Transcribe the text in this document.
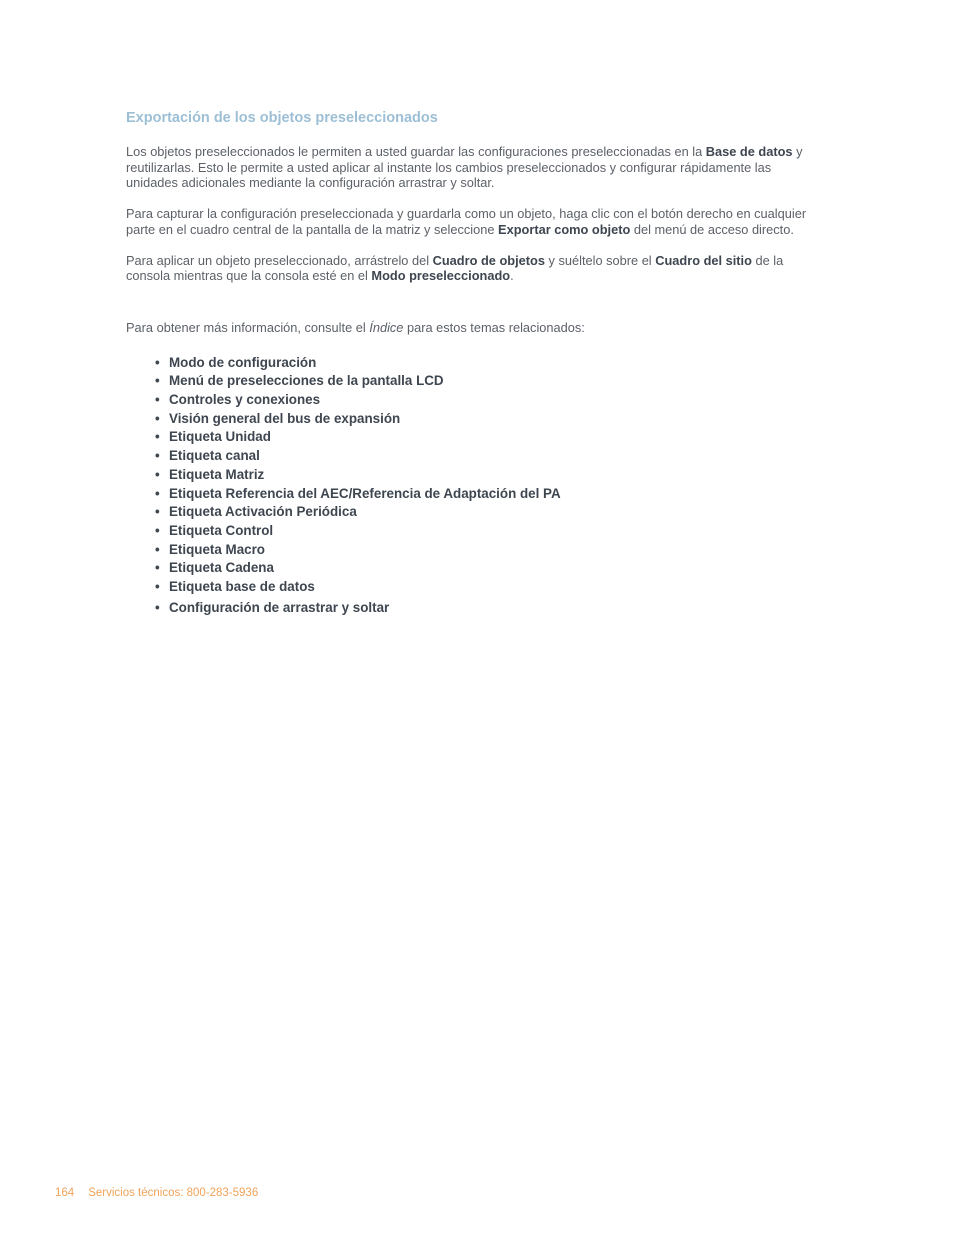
Exportación de los objetos preseleccionados

Los objetos preseleccionados le permiten a usted guardar las configuraciones preseleccionadas en la Base de datos y reutilizarlas. Esto le permite a usted aplicar al instante los cambios preseleccionados y configurar rápidamente las unidades adicionales mediante la configuración arrastrar y soltar.

Para capturar la configuración preseleccionada y guardarla como un objeto, haga clic con el botón derecho en cualquier parte en el cuadro central de la pantalla de la matriz y seleccione Exportar como objeto del menú de acceso directo.

Para aplicar un objeto preseleccionado, arrástrelo del Cuadro de objetos y suéltelo sobre el Cuadro del sitio de la consola mientras que la consola esté en el Modo preseleccionado.

Para obtener más información, consulte el Índice para estos temas relacionados:

• Modo de configuración
• Menú de preselecciones de la pantalla LCD
• Controles y conexiones
• Visión general del bus de expansión
• Etiqueta Unidad
• Etiqueta canal
• Etiqueta Matriz
• Etiqueta Referencia del AEC/Referencia de Adaptación del PA
• Etiqueta Activación Periódica
• Etiqueta Control
• Etiqueta Macro
• Etiqueta Cadena
• Etiqueta base de datos
• Configuración de arrastrar y soltar
164 Servicios técnicos: 800-283-5936
